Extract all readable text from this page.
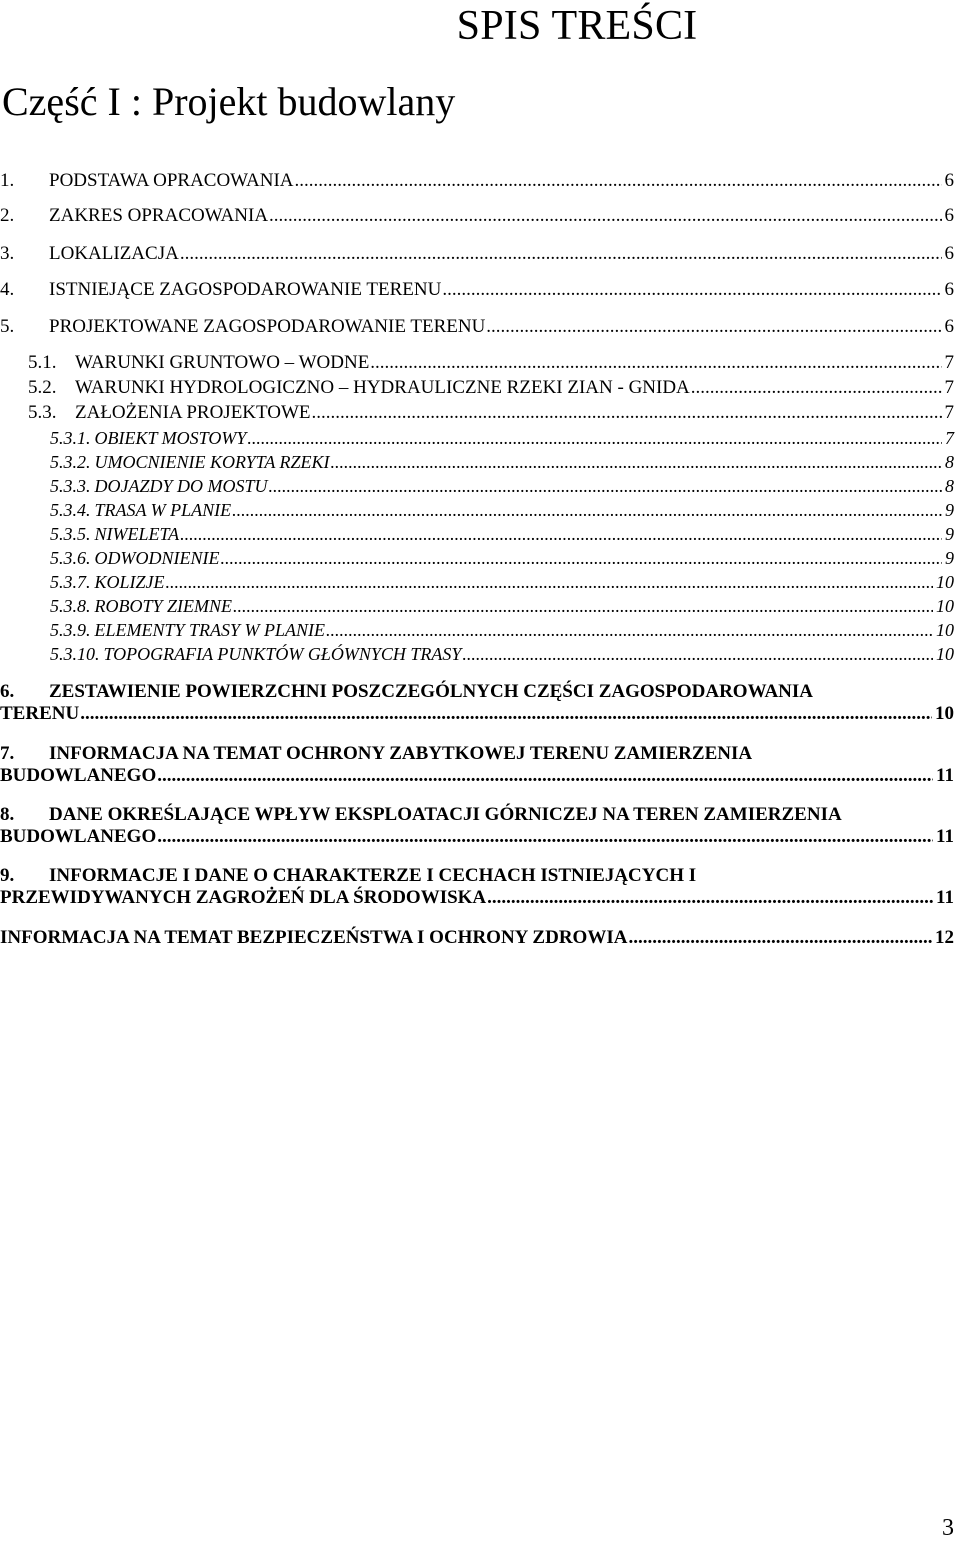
SPIS TREŚCI
Część I : Projekt budowlany
1.	PODSTAWA OPRACOWANIA .....	6
2.	ZAKRES OPRACOWANIA .....	6
3.	LOKALIZACJA .....	6
4.	ISTNIEJĄCE ZAGOSPODAROWANIE TERENU .....	6
5.	PROJEKTOWANE ZAGOSPODAROWANIE TERENU .....	6
5.1. WARUNKI GRUNTOWO – WODNE .....	7
5.2. WARUNKI HYDROLOGICZNO – HYDRAULICZNE RZEKI ZIAN - GNIDA .....	7
5.3. ZAŁOŻENIA PROJEKTOWE .....	7
5.3.1. OBIEKT MOSTOWY .....	7
5.3.2. UMOCNIENIE KORYTA RZEKI .....	8
5.3.3. DOJAZDY DO MOSTU .....	8
5.3.4. TRASA W PLANIE .....	9
5.3.5. NIWELETA .....	9
5.3.6. ODWODNIENIE .....	9
5.3.7. KOLIZJE .....	10
5.3.8. ROBOTY ZIEMNE .....	10
5.3.9. ELEMENTY TRASY W PLANIE .....	10
5.3.10. TOPOGRAFIA PUNKTÓW GŁÓWNYCH TRASY .....	10
6. ZESTAWIENIE POWIERZCHNI POSZCZEGÓLNYCH CZĘŚCI ZAGOSPODAROWANIA
TERENU .....	10
7. INFORMACJA NA TEMAT OCHRONY ZABYTKOWEJ TERENU ZAMIERZENIA
BUDOWLANEGO .....	11
8. DANE OKREŚLAJĄCE WPŁYW EKSPLOATACJI GÓRNICZEJ NA TEREN ZAMIERZENIA
BUDOWLANEGO .....	11
9. INFORMACJE I DANE O CHARAKTERZE I CECHACH ISTNIEJĄCYCH I
PRZEWIDYWANYCH ZAGROŻEŃ DLA ŚRODOWISKA .....	11
INFORMACJA NA TEMAT BEZPIECZEŃSTWA I OCHRONY ZDROWIA .....	12
3
